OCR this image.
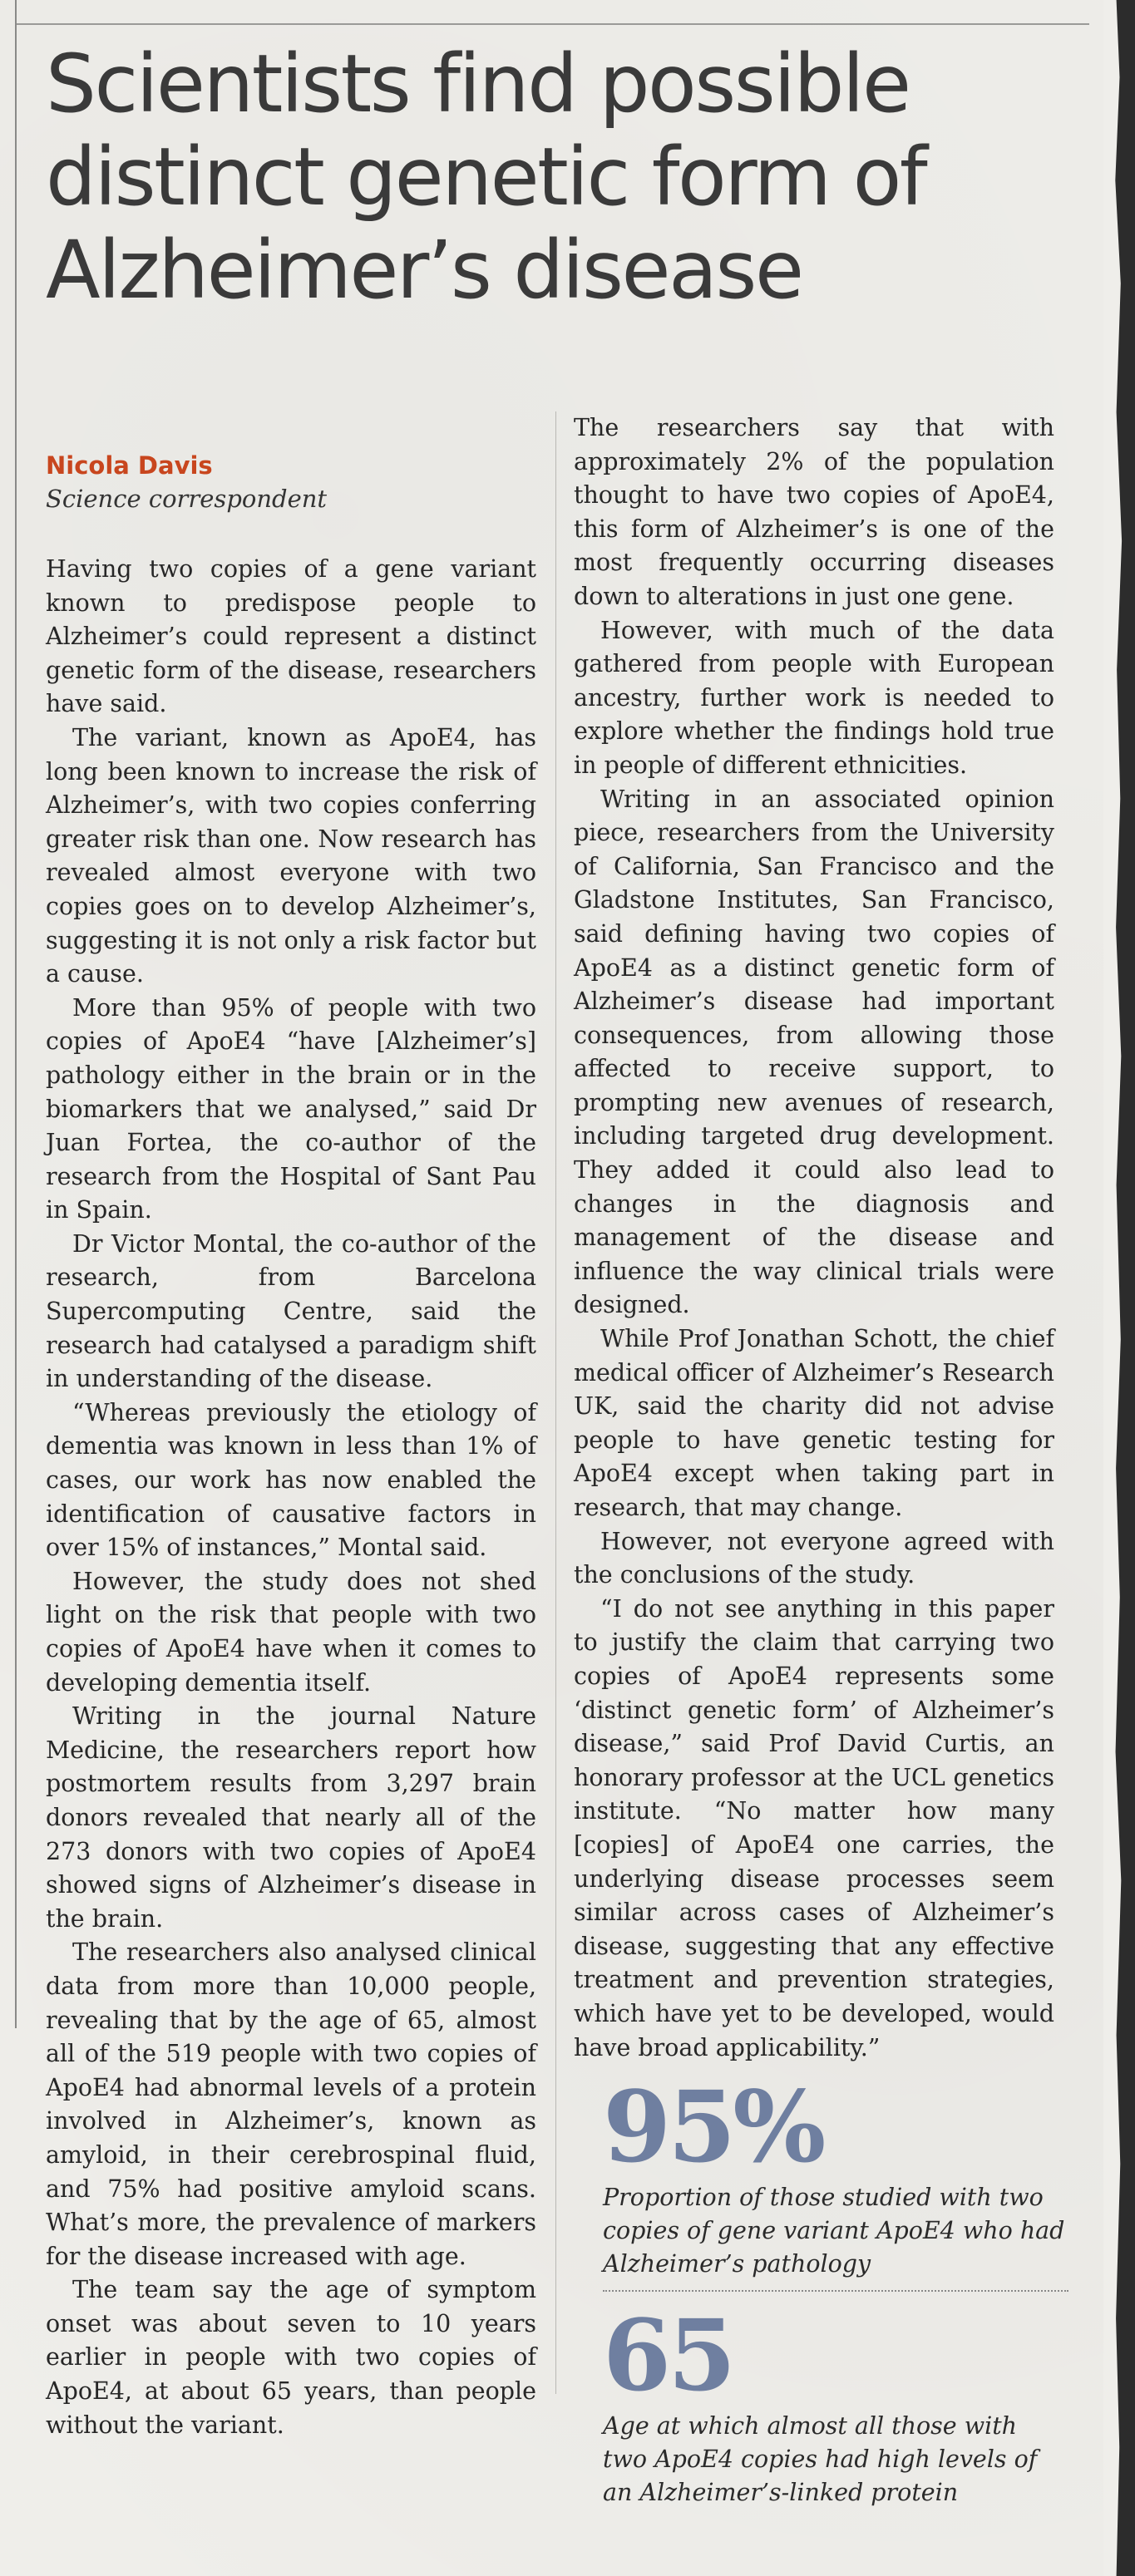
Scientists find possible distinct genetic form of Alzheimer’s disease
Nicola Davis
Science correspondent

Having two copies of a gene variant known to predispose people to Alzheimer’s could represent a distinct genetic form of the disease, researchers have said.

The variant, known as ApoE4, has long been known to increase the risk of Alzheimer’s, with two copies conferring greater risk than one. Now research has revealed almost everyone with two copies goes on to develop Alzheimer’s, suggesting it is not only a risk factor but a cause.

More than 95% of people with two copies of ApoE4 “have [Alzheimer’s] pathology either in the brain or in the biomarkers that we analysed,” said Dr Juan Fortea, the co-author of the research from the Hospital of Sant Pau in Spain.

Dr Victor Montal, the co-author of the research, from Barcelona Supercomputing Centre, said the research had catalysed a paradigm shift in understanding of the disease.

“Whereas previously the etiology of dementia was known in less than 1% of cases, our work has now enabled the identification of causative factors in over 15% of instances,” Montal said.

However, the study does not shed light on the risk that people with two copies of ApoE4 have when it comes to developing dementia itself.

Writing in the journal Nature Medicine, the researchers report how postmortem results from 3,297 brain donors revealed that nearly all of the 273 donors with two copies of ApoE4 showed signs of Alzheimer’s disease in the brain.

The researchers also analysed clinical data from more than 10,000 people, revealing that by the age of 65, almost all of the 519 people with two copies of ApoE4 had abnormal levels of a protein involved in Alzheimer’s, known as amyloid, in their cerebrospinal fluid, and 75% had positive amyloid scans. What’s more, the prevalence of markers for the disease increased with age.

The team say the age of symptom onset was about seven to 10 years earlier in people with two copies of ApoE4, at about 65 years, than people without the variant.

The researchers say that with approximately 2% of the population thought to have two copies of ApoE4, this form of Alzheimer’s is one of the most frequently occurring diseases down to alterations in just one gene.

However, with much of the data gathered from people with European ancestry, further work is needed to explore whether the findings hold true in people of different ethnicities.

Writing in an associated opinion piece, researchers from the University of California, San Francisco and the Gladstone Institutes, San Francisco, said defining having two copies of ApoE4 as a distinct genetic form of Alzheimer’s disease had important consequences, from allowing those affected to receive support, to prompting new avenues of research, including targeted drug development. They added it could also lead to changes in the diagnosis and management of the disease and influence the way clinical trials were designed.

While Prof Jonathan Schott, the chief medical officer of Alzheimer’s Research UK, said the charity did not advise people to have genetic testing for ApoE4 except when taking part in research, that may change.

However, not everyone agreed with the conclusions of the study.

“I do not see anything in this paper to justify the claim that carrying two copies of ApoE4 represents some ‘distinct genetic form’ of Alzheimer’s disease,” said Prof David Curtis, an honorary professor at the UCL genetics institute. “No matter how many [copies] of ApoE4 one carries, the underlying disease processes seem similar across cases of Alzheimer’s disease, suggesting that any effective treatment and prevention strategies, which have yet to be developed, would have broad applicability.”

95%
Proportion of those studied with two copies of gene variant ApoE4 who had Alzheimer’s pathology
65
Age at which almost all those with two ApoE4 copies had high levels of an Alzheimer’s-linked protein
